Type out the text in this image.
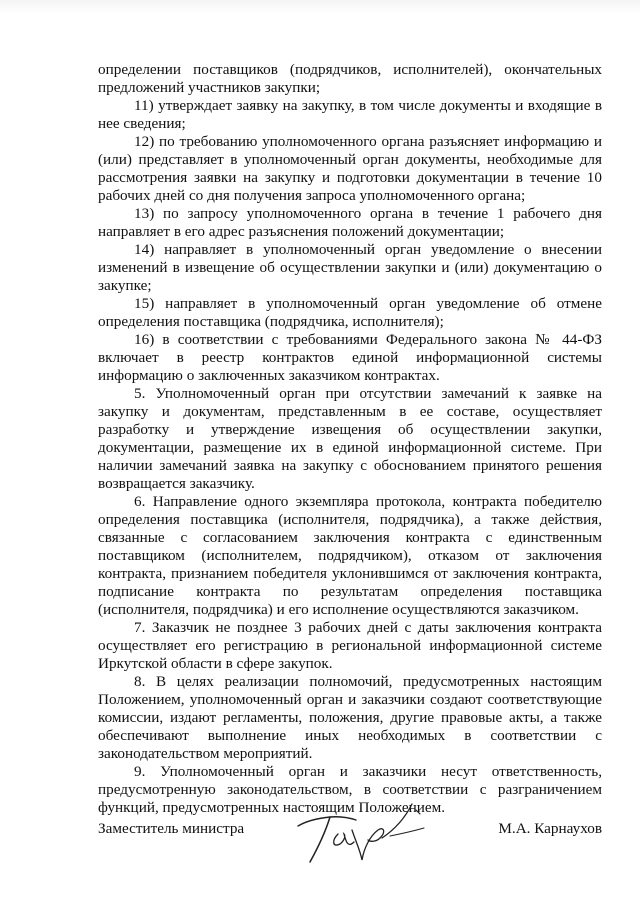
определении поставщиков (подрядчиков, исполнителей), окончательных предложений участников закупки;

11) утверждает заявку на закупку, в том числе документы и входящие в нее сведения;

12) по требованию уполномоченного органа разъясняет информацию и (или) представляет в уполномоченный орган документы, необходимые для рассмотрения заявки на закупку и подготовки документации в течение 10 рабочих дней со дня получения запроса уполномоченного органа;

13) по запросу уполномоченного органа в течение 1 рабочего дня направляет в его адрес разъяснения положений документации;

14) направляет в уполномоченный орган уведомление о внесении изменений в извещение об осуществлении закупки и (или) документацию о закупке;

15) направляет в уполномоченный орган уведомление об отмене определения поставщика (подрядчика, исполнителя);

16) в соответствии с требованиями Федерального закона № 44-ФЗ включает в реестр контрактов единой информационной системы информацию о заключенных заказчиком контрактах.

5. Уполномоченный орган при отсутствии замечаний к заявке на закупку и документам, представленным в ее составе, осуществляет разработку и утверждение извещения об осуществлении закупки, документации, размещение их в единой информационной системе. При наличии замечаний заявка на закупку с обоснованием принятого решения возвращается заказчику.

6. Направление одного экземпляра протокола, контракта победителю определения поставщика (исполнителя, подрядчика), а также действия, связанные с согласованием заключения контракта с единственным поставщиком (исполнителем, подрядчиком), отказом от заключения контракта, признанием победителя уклонившимся от заключения контракта, подписание контракта по результатам определения поставщика (исполнителя, подрядчика) и его исполнение осуществляются заказчиком.

7. Заказчик не позднее 3 рабочих дней с даты заключения контракта осуществляет его регистрацию в региональной информационной системе Иркутской области в сфере закупок.

8. В целях реализации полномочий, предусмотренных настоящим Положением, уполномоченный орган и заказчики создают соответствующие комиссии, издают регламенты, положения, другие правовые акты, а также обеспечивают выполнение иных необходимых в соответствии с законодательством мероприятий.

9. Уполномоченный орган и заказчики несут ответственность, предусмотренную законодательством, в соответствии с разграничением функций, предусмотренных настоящим Положением.

Заместитель министра	М.А. Карнаухов
